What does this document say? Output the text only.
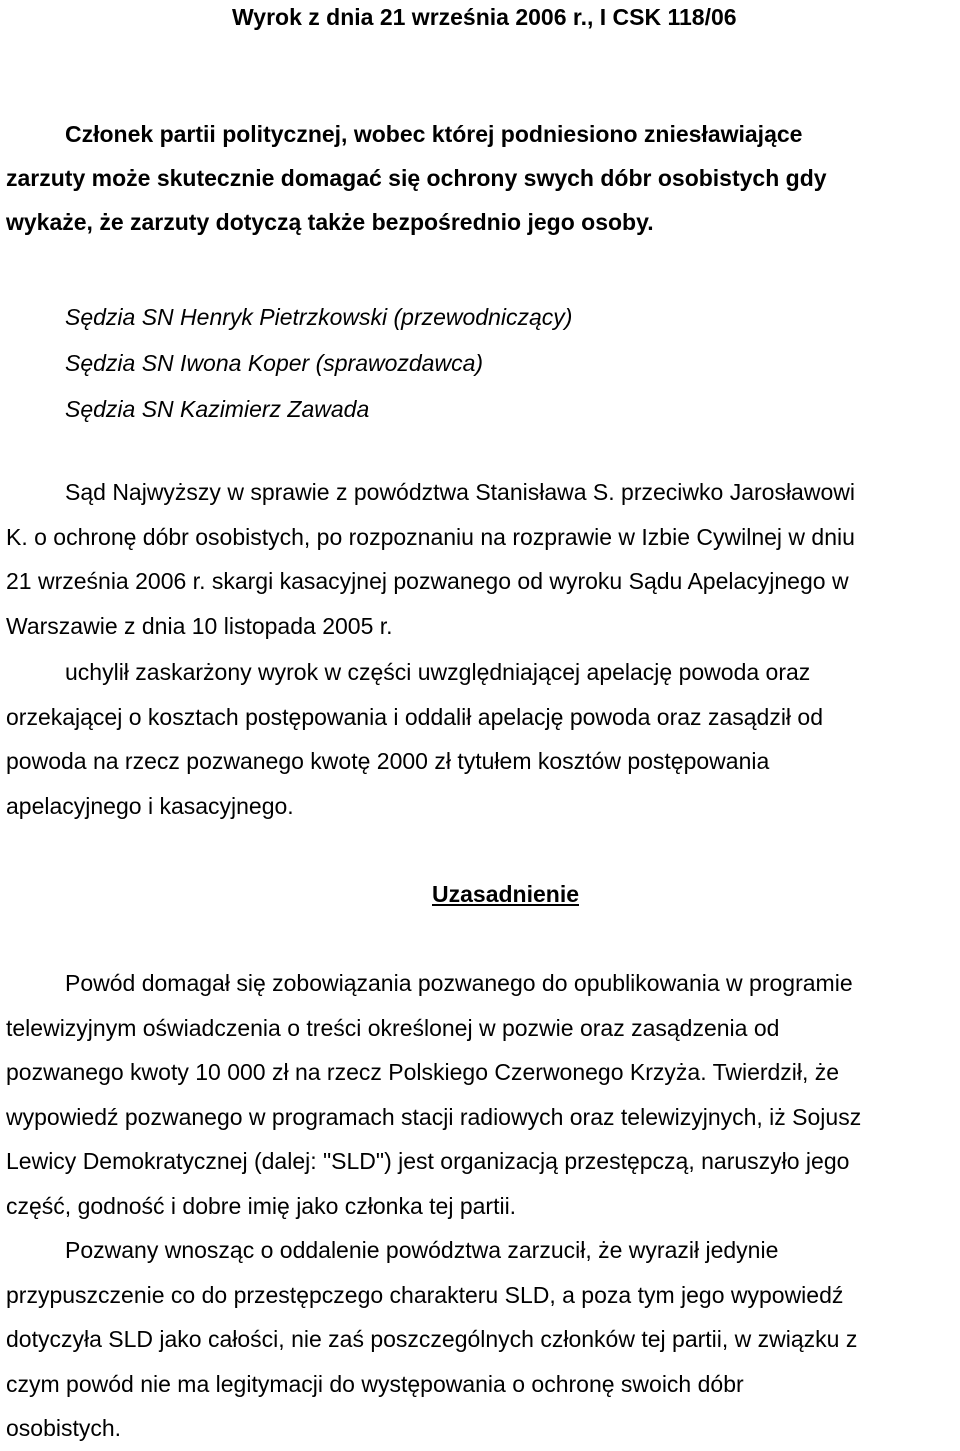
Wyrok z dnia 21 września 2006 r., I CSK 118/06
Członek partii politycznej, wobec której podniesiono zniesławiające
zarzuty może skutecznie domagać się ochrony swych dóbr osobistych gdy
wykaże, że zarzuty dotyczą także bezpośrednio jego osoby.
Sędzia SN Henryk Pietrzkowski (przewodniczący)
Sędzia SN Iwona Koper (sprawozdawca)
Sędzia SN Kazimierz Zawada
Sąd Najwyższy w sprawie z powództwa Stanisława S. przeciwko Jarosławowi
K. o ochronę dóbr osobistych, po rozpoznaniu na rozprawie w Izbie Cywilnej w dniu
21 września 2006 r. skargi kasacyjnej pozwanego od wyroku Sądu Apelacyjnego w
Warszawie z dnia 10 listopada 2005 r.
uchylił zaskarżony wyrok w części uwzględniającej apelację powoda oraz
orzekającej o kosztach postępowania i oddalił apelację powoda oraz zasądził od
powoda na rzecz pozwanego kwotę 2000 zł tytułem kosztów postępowania
apelacyjnego i kasacyjnego.
Uzasadnienie
Powód domagał się zobowiązania pozwanego do opublikowania w programie
telewizyjnym oświadczenia o treści określonej w pozwie oraz zasądzenia od
pozwanego kwoty 10 000 zł na rzecz Polskiego Czerwonego Krzyża. Twierdził, że
wypowiedź pozwanego w programach stacji radiowych oraz telewizyjnych, iż Sojusz
Lewicy Demokratycznej (dalej: "SLD") jest organizacją przestępczą, naruszyło jego
część, godność i dobre imię jako członka tej partii.
Pozwany wnosząc o oddalenie powództwa zarzucił, że wyraził jedynie
przypuszczenie co do przestępczego charakteru SLD, a poza tym jego wypowiedź
dotyczyła SLD jako całości, nie zaś poszczególnych członków tej partii, w związku z
czym powód nie ma legitymacji do występowania o ochronę swoich dóbr
osobistych.
